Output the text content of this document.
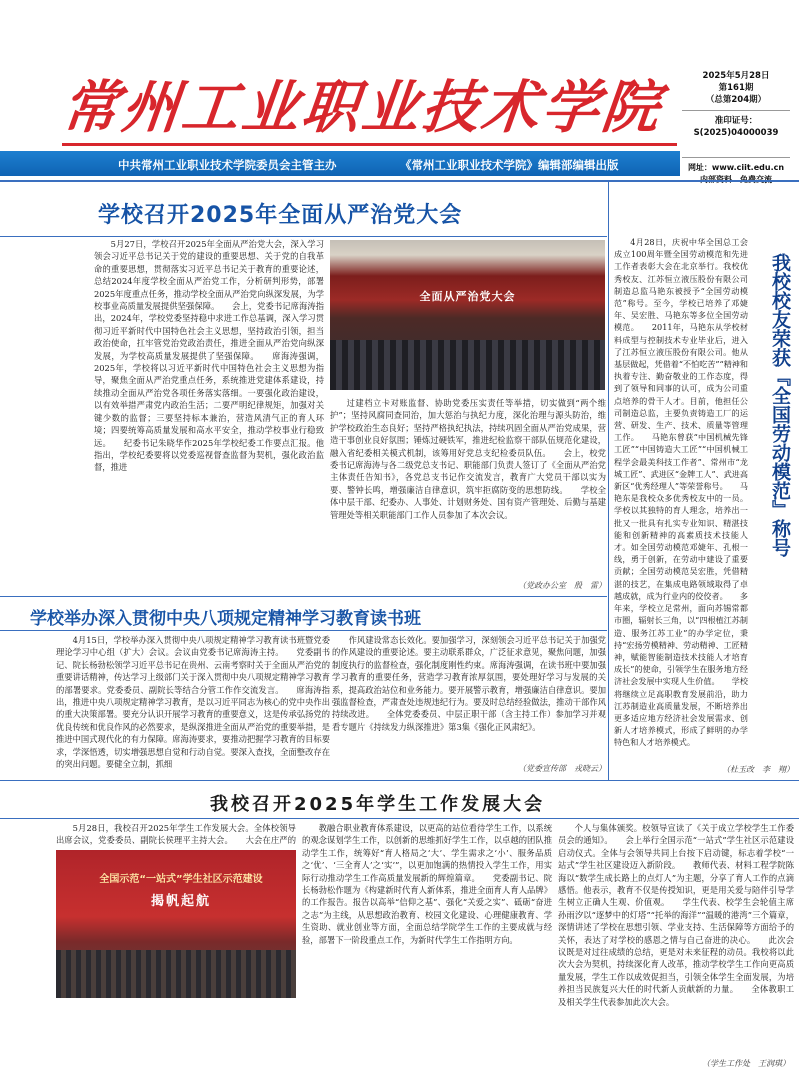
常州工业职业技术学院
中共常州工业职业技术学院委员会主管主办	《常州工业职业技术学院》编辑部编辑出版
2025年5月28日
第161期
（总第204期）
准印证号：
S(2025)04000039
网址：www.ciit.edu.cn
学校召开2025年全面从严治党大会
5月27日，学校召开2025年全面从严治党大会，深入学习领会习近平总书记关于党的建设的重要思想、关于党的自我革命的重要思想，贯彻落实习近平总书记关于教育的重要论述，总结2024年度学校全面从严治党工作，分析研判形势，部署2025年度重点任务，推动学校全面从严治党向纵深发展，为学校事业高质量发展提供坚强保障。　　会上，党委书记席海涛指出，2024年，学校党委坚持稳中求进工作总基调，深入学习贯彻习近平新时代中国特色社会主义思想，坚持政治引领，担当政治使命，扛牢管党治党政治责任，推进全面从严治党向纵深发展，为学校高质量发展提供了坚强保障。　　席海涛强调，2025年，学校将以习近平新时代中国特色社会主义思想为指导，聚焦全面从严治党重点任务，系统推进党建体系建设，持续推动全面从严治党各项任务落实落细。一要强化政治建设，以有效举措严肃党内政治生活；二要严明纪律规矩，加强对关键少数的监督；三要坚持标本兼治，营造风清气正的育人环境；四要统筹高质量发展和高水平安全，推动学校事业行稳致远。　　纪委书记朱晓华作2025年学校纪委工作要点汇报。他指出，学校纪委要将以党委巡视督查监督为契机，强化政治监督，推进
全面从严治党大会
过建档立卡对账监督、协助党委压实责任等举措，切实做到“两个维护”；坚持风腐同查同治，加大惩治与执纪力度，深化治理与源头防治，维护学校政治生态良好；坚持严格执纪执法，持续巩固全面从严治党成果，营造干事创业良好氛围；锤炼过硬铁军，推进纪检监察干部队伍规范化建设，融入省纪委相关模式机制，该筹用好党总支纪检委员队伍。　　会上，校党委书记席海涛与各二级党总支书记、职能部门负责人签订了《全面从严治党主体责任告知书》，各党总支书记作交流发言，教育广大党员干部以实为要、警钟长鸣，增强廉洁自律意识，筑牢拒腐防变的思想防线。　　学校全体中层干部、纪委办、人事处、计划财务处、国有资产管理处、后勤与基建管理处等相关职能部门工作人员参加了本次会议。
（党政办公室　殷　雷）
学校举办深入贯彻中央八项规定精神学习教育读书班
4月15日，学校举办深入贯彻中央八项规定精神学习教育读书班暨党委理论学习中心组（扩大）会议。会议由党委书记席海涛主持。　　党委副书记、院长杨勃松领学习近平总书记在贵州、云南考察时关于全面从严治党的重要讲话精神，传达学习上级部门关于深入贯彻中央八项规定精神学习教育的部署要求。党委委员、副院长等结合分管工作作交流发言。　　席海涛指出，推进中央八项规定精神学习教育，是以习近平同志为核心的党中央作出的重大决策部署。要充分认识开展学习教育的重要意义，这是传承弘扬党的优良传统和优良作风的必然要求，是纵深推进全面从严治党的重要举措，是推进中国式现代化的有力保障。席海涛要求，要推动把握学习教育的目标要求，学深悟透，切实增强思想自觉和行动自觉。要深入查找，全面整改存在的突出问题。要健全立制，抓细
作风建设常态长效化。要加强学习，深刻领会习近平总书记关于加强党的作风建设的重要论述。要主动联系群众，广泛征求意见，聚焦问题，加强制度执行的监督检查，强化制度刚性约束。席海涛强调，在读书班中要加强学习教育的重要任务，营造学习教育浓厚氛围，要处理好学习与发展的关系，提高政治站位和业务能力。要开展警示教育，增强廉洁自律意识。要加强监督检查，严肃查处违规违纪行为。要及时总结经验做法，推动干部作风持续改进。　　全体党委委员、中层正职干部（含主持工作）参加学习并观看专题片《持续发力纵深推进》第3集《强化正风肃纪》。
（党委宣传部　戎晓云）
我校召开2025年学生工作发展大会
5月28日，我校召开2025年学生工作发展大会。全体校领导出席会议，党委委员、副院长侯理平主持大会。　　大会在庄严的
全国示范“一站式”学生社区示范建设
揭帆起航
教融合职业教育体系建设，以更高的站位看待学生工作，以系统的观念谋划学生工作，以创新的思维抓好学生工作，以卓越的团队推动学生工作，统筹好“育人格局之‘大’、学生需求之‘小’、服务品质之‘优’、‘三全育人’之‘实’”，以更加饱满的热情投入学生工作，用实际行动推动学生工作高质量发展新的辉煌篇章。　　党委副书记、院长杨勃松作题为《构建新时代育人新体系，推进全面育人育人品牌》的工作报告。报告以高举“信仰之基”、强化“关爱之实”、砥砺“奋进之志”为主线，从思想政治教育、校园文化建设、心理健康教育、学生资助、就业创业等方面，全面总结学院学生工作的主要成就与经验，部署下一阶段重点工作，为新时代学生工作指明方向。
个人与集体颁奖。校领导宣读了《关于成立学校学生工作委员会的通知》。　　会上举行全国示范“一站式”学生社区示范建设启动仪式。全体与会领导共同上台按下启动键，标志着学校“一站式”学生社区建设迈入新阶段。　　教师代表、材料工程学院陈海以“数学生成长路上的点灯人”为主题，分享了育人工作的点滴感悟。他表示，教育不仅是传授知识，更是用关爱与陪伴引导学生树立正确人生观、价值观。　　学生代表、校学生会轮值主席孙雨汐以“逐梦中的灯塔”“托举的海洋”“温暖的港湾”三个篇章，深情讲述了学校在思想引领、学业支持、生活保障等方面给予的关怀，表达了对学校的感恩之情与自己奋进的决心。　　此次会议既是对过往成绩的总结，更是对未来征程的动员。我校将以此次大会为契机，持续深化育人改革，推动学校学生工作向更高质量发展，学生工作以成效促担当，引领全体学生全面发展，为培养担当民族复兴大任的时代新人贡献新的力量。　　全体教职工及相关学生代表参加此次大会。
（学生工作处　王润琪）
我校校友荣获『全国劳动模范』称号
4月28日，庆祝中华全国总工会成立100周年暨全国劳动模范和先进工作者表彰大会在北京举行。我校优秀校友、江苏恒立液压股份有限公司制造总监马艳东被授予“全国劳动模范”称号。至今，学校已培养了邓婕年、吴宏胜、马艳东等多位全国劳动模范。　　2011年，马艳东从学校材料成型与控制技术专业毕业后，进入了江苏恒立液压股份有限公司。他从基层做起，凭借着“不怕吃苦”“精神和执着专注、勤奋敬业的工作态度，得到了领导和同事的认可，成为公司重点培养的骨干人才。目前，他担任公司制造总监，主要负责铸造工厂的运营、研发、生产、技术、质量等管理工作。　　马艳东曾获“中国机械先锋工匠”“中国铸造大工匠”“中国机械工程学会最美科技工作者”、常州市“龙城工匠”、武进区“金牌工人”、武进高新区“优秀经理人”等荣誉称号。　　马艳东是我校众多优秀校友中的一员。学校以其独特的育人理念，培养出一批又一批具有扎实专业知识、精湛技能和创新精神的高素质技术技能人才。如全国劳动模范邓婕年、孔根一线，勇于创新，在劳动中建设了重要贡献；全国劳动模范吴宏胜，凭借精湛的技艺，在集成电路领域取得了卓越成就，成为行业内的佼佼者。　　多年来，学校立足常州，面向苏锡常都市圈，辐射长三角，以“四根植江苏制造、服务江苏工业”的办学定位，秉持“宏扬劳模精神、劳动精神、工匠精神，赋能智能制造技术技能人才培育成长”的使命，引领学生在服务地方经济社会发展中实现人生价值。　　学校将继续立足高职教育发展前沿，助力江苏制造业高质量发展，不断培养出更多适应地方经济社会发展需求、创新人才培养模式，形成了鲜明的办学特色和人才培养模式。
（杜玉改　李　翔）
